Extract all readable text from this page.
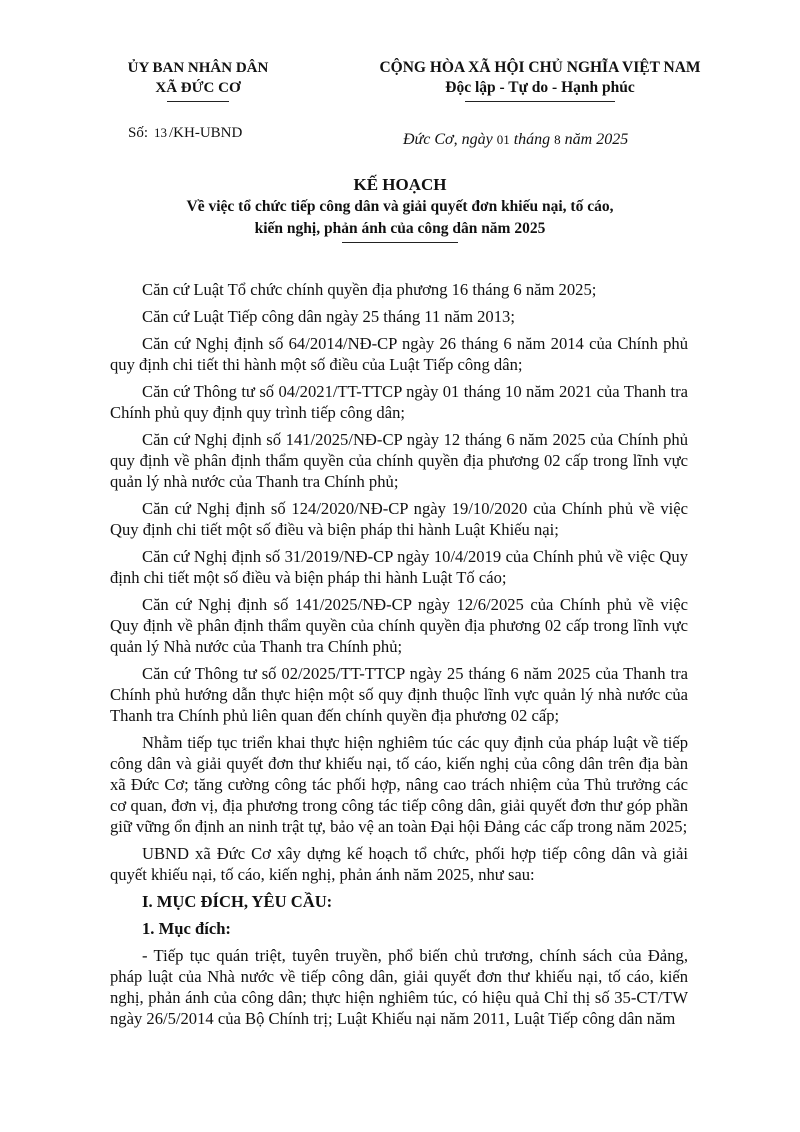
ỦY BAN NHÂN DÂN
XÃ ĐỨC CƠ
CỘNG HÒA XÃ HỘI CHỦ NGHĨA VIỆT NAM
Độc lập - Tự do - Hạnh phúc
Số: 13 /KH-UBND	Đức Cơ, ngày 01 tháng 8 năm 2025
KẾ HOẠCH
Về việc tổ chức tiếp công dân và giải quyết đơn khiếu nại, tố cáo,
kiến nghị, phản ánh của công dân năm 2025

Căn cứ Luật Tổ chức chính quyền địa phương 16 tháng 6 năm 2025;

Căn cứ Luật Tiếp công dân ngày 25 tháng 11 năm 2013;

Căn cứ Nghị định số 64/2014/NĐ-CP ngày 26 tháng 6 năm 2014 của Chính phủ quy định chi tiết thi hành một số điều của Luật Tiếp công dân;

Căn cứ Thông tư số 04/2021/TT-TTCP ngày 01 tháng 10 năm 2021 của Thanh tra Chính phủ quy định quy trình tiếp công dân;

Căn cứ Nghị định số 141/2025/NĐ-CP ngày 12 tháng 6 năm 2025 của Chính phủ quy định về phân định thẩm quyền của chính quyền địa phương 02 cấp trong lĩnh vực quản lý nhà nước của Thanh tra Chính phủ;

Căn cứ Nghị định số 124/2020/NĐ-CP ngày 19/10/2020 của Chính phủ về việc Quy định chi tiết một số điều và biện pháp thi hành Luật Khiếu nại;

Căn cứ Nghị định số 31/2019/NĐ-CP ngày 10/4/2019 của Chính phủ về việc Quy định chi tiết một số điều và biện pháp thi hành Luật Tố cáo;

Căn cứ Nghị định số 141/2025/NĐ-CP ngày 12/6/2025 của Chính phủ về việc Quy định về phân định thẩm quyền của chính quyền địa phương 02 cấp trong lĩnh vực quản lý Nhà nước của Thanh tra Chính phủ;

Căn cứ Thông tư số 02/2025/TT-TTCP ngày 25 tháng 6 năm 2025 của Thanh tra Chính phủ hướng dẫn thực hiện một số quy định thuộc lĩnh vực quản lý nhà nước của Thanh tra Chính phủ liên quan đến chính quyền địa phương 02 cấp;

Nhằm tiếp tục triển khai thực hiện nghiêm túc các quy định của pháp luật về tiếp công dân và giải quyết đơn thư khiếu nại, tố cáo, kiến nghị của công dân trên địa bàn xã Đức Cơ; tăng cường công tác phối hợp, nâng cao trách nhiệm của Thủ trưởng các cơ quan, đơn vị, địa phương trong công tác tiếp công dân, giải quyết đơn thư góp phần giữ vững ổn định an ninh trật tự, bảo vệ an toàn Đại hội Đảng các cấp trong năm 2025;

UBND xã Đức Cơ xây dựng kế hoạch tổ chức, phối hợp tiếp công dân và giải quyết khiếu nại, tố cáo, kiến nghị, phản ánh năm 2025, như sau:

I. MỤC ĐÍCH, YÊU CẦU:
1. Mục đích:

- Tiếp tục quán triệt, tuyên truyền, phổ biến chủ trương, chính sách của Đảng, pháp luật của Nhà nước về tiếp công dân, giải quyết đơn thư khiếu nại, tố cáo, kiến nghị, phản ánh của công dân; thực hiện nghiêm túc, có hiệu quả Chỉ thị số 35-CT/TW ngày 26/5/2014 của Bộ Chính trị; Luật Khiếu nại năm 2011, Luật Tiếp công dân năm
